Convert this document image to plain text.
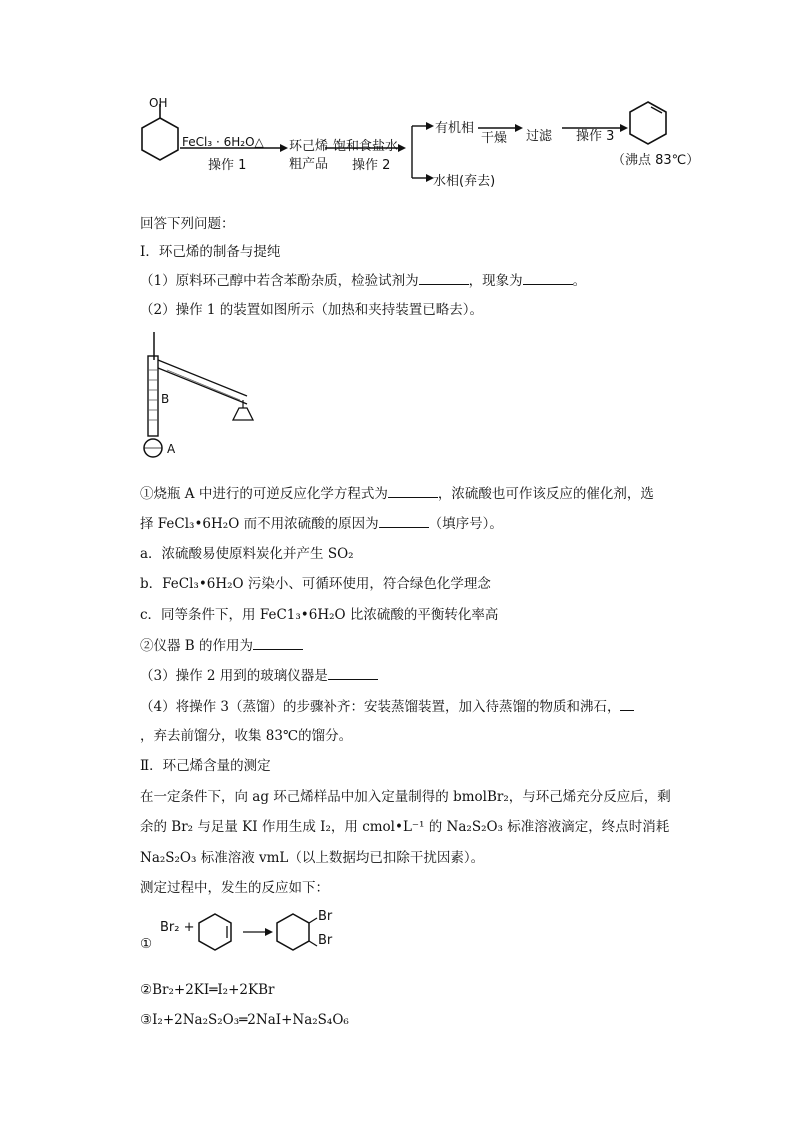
OH
FeCl₃ · 6H₂O△
操作 1
环己烯
粗产品
饱和食盐水
操作 2
有机相
干燥 过滤 操作 3
水相(弃去)
（沸点 83℃）
回答下列问题：
Ⅰ．环己烯的制备与提纯
（1）原料环己醇中若含苯酚杂质，检验试剂为	，现象为	。
（2）操作 1 的装置如图所示（加热和夹持装置已略去）。
B
A
①烧瓶 A 中进行的可逆反应化学方程式为	，浓硫酸也可作该反应的催化剂，选
择 FeCl₃•6H₂O 而不用浓硫酸的原因为	（填序号）。
a．浓硫酸易使原料炭化并产生 SO₂
b．FeCl₃•6H₂O 污染小、可循环使用，符合绿色化学理念
c．同等条件下，用 FeC1₃•6H₂O 比浓硫酸的平衡转化率高
②仪器 B 的作用为
（3）操作 2 用到的玻璃仪器是
（4）将操作 3（蒸馏）的步骤补齐：安装蒸馏装置，加入待蒸馏的物质和沸石，
，弃去前馏分，收集 83℃的馏分。
Ⅱ．环己烯含量的测定
在一定条件下，向 ag 环己烯样品中加入定量制得的 bmolBr₂，与环己烯充分反应后，剩
余的 Br₂ 与足量 KI 作用生成 I₂，用 cmol•L⁻¹ 的 Na₂S₂O₃ 标准溶液滴定，终点时消耗
Na₂S₂O₃ 标准溶液 vmL（以上数据均已扣除干扰因素）。
测定过程中，发生的反应如下：
①
Br₂ +
Br
Br
②Br₂+2KI═I₂+2KBr
③I₂+2Na₂S₂O₃═2NaI+Na₂S₄O₆
